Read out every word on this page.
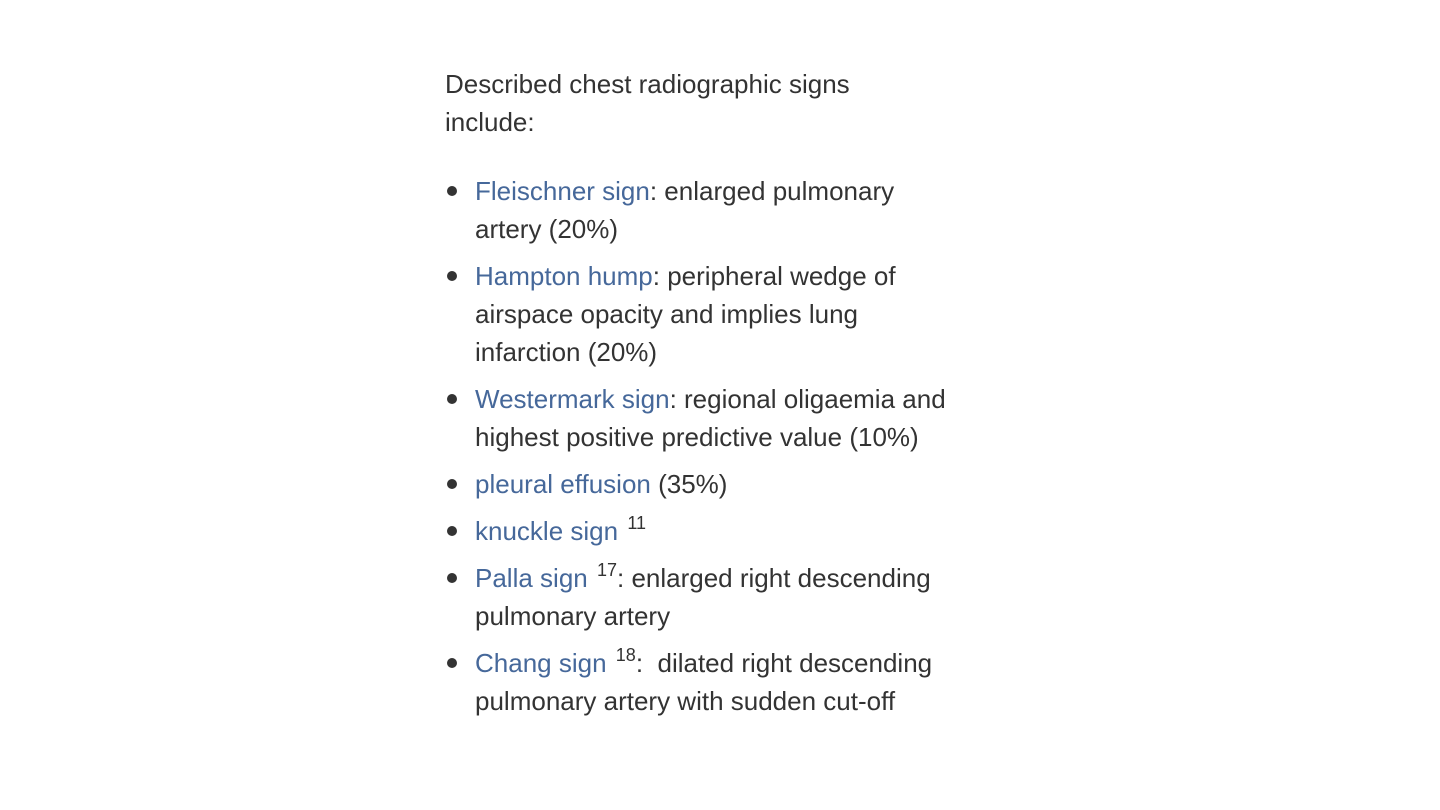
Described chest radiographic signs include:

Fleischner sign: enlarged pulmonary artery (20%)
Hampton hump: peripheral wedge of airspace opacity and implies lung infarction (20%)
Westermark sign: regional oligaemia and highest positive predictive value (10%)
pleural effusion (35%)
knuckle sign $^{11}$
Palla sign $^{17}$: enlarged right descending pulmonary artery
Chang sign $^{18}$:  dilated right descending pulmonary artery with sudden cut-off
